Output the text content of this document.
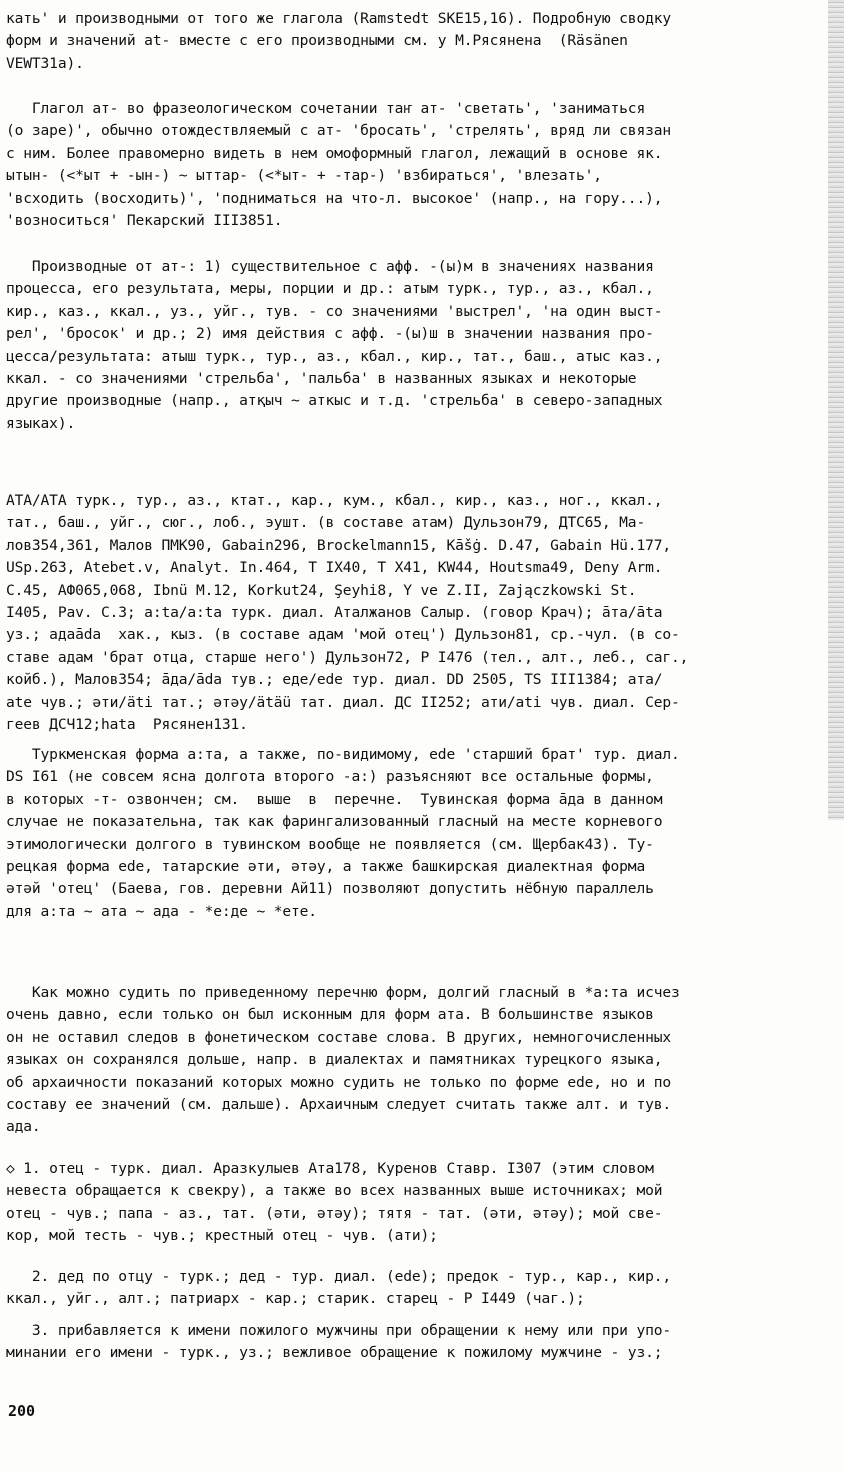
кать' и производными от того же глагола (Ramstedt SKE15,16). Подробную сводку

форм и значений at- вместе с его производными см. у М.Рясянена  (Räsänen

VEWT31a).

Глагол ат- во фразеологическом сочетании таҥ ат- 'светать', 'заниматься

(о заре)', обычно отождествляемый с ат- 'бросать', 'стрелять', вряд ли связан

с ним. Более правомерно видеть в нем омоформный глагол, лежащий в основе як.

ытын- (<*ыт + -ын-) ~ ыттар- (<*ыт- + -тар-) 'взбираться', 'влезать',

'всходить (восходить)', 'подниматься на что-л. высокое' (напр., на гору...),

'возноситься' Пекарский III3851.

Производные от ат-: 1) существительное с афф. -(ы)м в значениях названия

процесса, его результата, меры, порции и др.: атым турк., тур., аз., кбал.,

кир., каз., ккал., уз., уйг., тув. - со значениями 'выстрел', 'на один выст-

рел', 'бросок' и др.; 2) имя действия с афф. -(ы)ш в значении названия про-

цесса/результата: атыш турк., тур., аз., кбал., кир., тат., баш., атыс каз.,

ккал. - со значениями 'стрельба', 'пальба' в названных языках и некоторые

другие производные (напр., атқыч ~ аткыс и т.д. 'стрельба' в северо-западных

языках).

АТА/АТА турк., тур., аз., ктат., кар., кум., кбал., кир., каз., ног., ккал.,

тат., баш., уйг., сюг., лоб., эушт. (в составе атам) Дульзон79, ДТС65, Ма-

лов354,361, Малов ПМК90, Gabain296, Brockelmann15, Kāšġ. D.47, Gabain Hü.177,

USp.263, Atebet.v, Analyt. In.464, T IX40, T X41, KW44, Houtsma49, Deny Arm.

C.45, АФ065,068, Ibnü M.12, Korkut24, Şeyhi8, Y ve Z.II, Zajączkowski St.

I405, Pav. C.3; a:ta/a:ta турк. диал. Аталжанов Салыр. (говор Крач); āта/āta

уз.; адаāda  хак., кыз. (в составе адам 'мой отец') Дульзон81, ср.-чул. (в со-

ставе адам 'брат отца, старше него') Дульзон72, Р I476 (тел., алт., леб., саг.,

койб.), Малов354; āда/āda тув.; еде/ede тур. диал. DD 2505, TS III1384; ата/

ate чув.; əти/äti тат.; əтəу/ätäü тат. диал. ДС II252; ати/ati чув. диал. Сер-

геев ДСЧ12;hata  Рясянен131.

Туркменская форма а:та, а также, по-видимому, ede 'старший брат' тур. диал.

DS I61 (не совсем ясна долгота второго -а:) разъясняют все остальные формы,

в которых -т- озвончен; см.  выше  в  перечне.  Тувинская форма āда в данном

случае не показательна, так как фарингализованный гласный на месте корневого

этимологически долгого в тувинском вообще не появляется (см. Щербак43). Ту-

рецкая форма ede, татарские əти, əтəу, а также башкирская диалектная форма

əтəй 'отец' (Баева, гов. деревни Ай11) позволяют допустить нёбную параллель

для а:та ~ ата ~ ада - *е:де ~ *ете.

Как можно судить по приведенному перечню форм, долгий гласный в *а:та исчез

очень давно, если только он был исконным для форм ата. В большинстве языков

он не оставил следов в фонетическом составе слова. В других, немногочисленных

языках он сохранялся дольше, напр. в диалектах и памятниках турецкого языка,

об архаичности показаний которых можно судить не только по форме ede, но и по

составу ее значений (см. дальше). Архаичным следует считать также алт. и тув.

ада.

◇ 1. отец - турк. диал. Аразкулыев Ата178, Куренов Ставр. I307 (этим словом

невеста обращается к свекру), а также во всех названных выше источниках; мой

отец - чув.; папа - аз., тат. (əти, əтəу); тятя - тат. (əти, əтəу); мой све-

кор, мой тесть - чув.; крестный отец - чув. (ати);

2. дед по отцу - турк.; дед - тур. диал. (ede); предок - тур., кар., кир.,

ккал., уйг., алт.; патриарх - кар.; старик. старец - Р I449 (чаг.);

3. прибавляется к имени пожилого мужчины при обращении к нему или при упо-

минании его имени - турк., уз.; вежливое обращение к пожилому мужчине - уз.;

200
